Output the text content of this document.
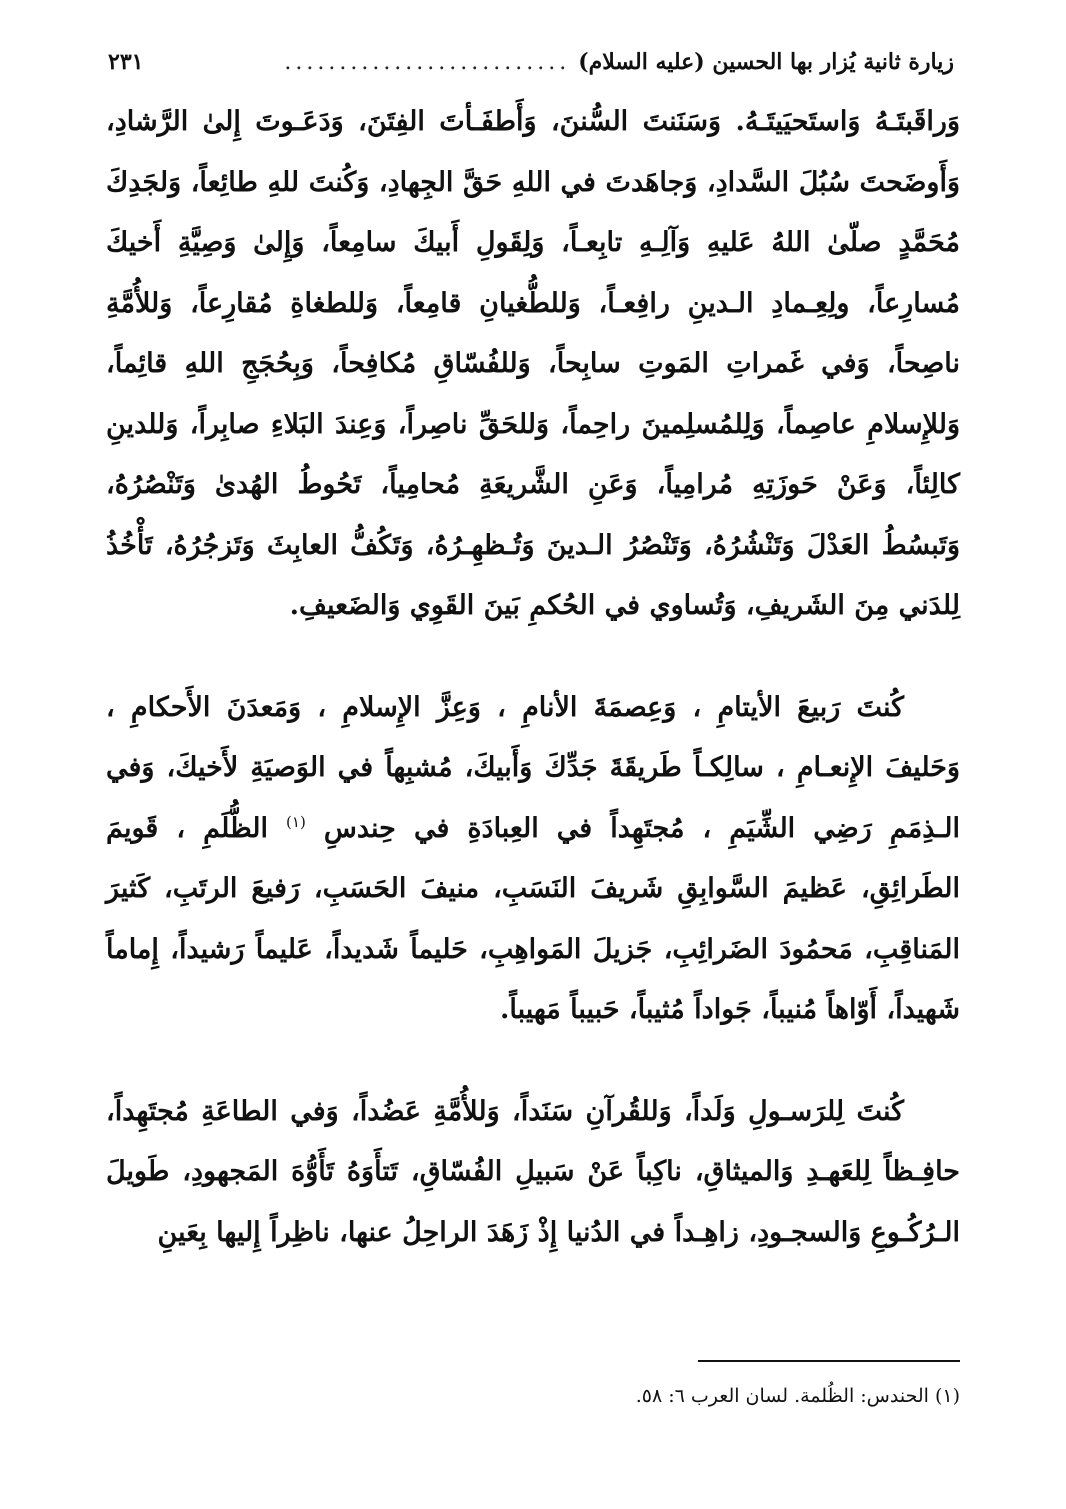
زيارة ثانية يُزار بها الحسين (عليه السلام)
..........................
٢٣١

وَراقَبتَـهُ وَاستَحيَيتَـهُ. وَسَنَنتَ السُّننَ، وَأَطفَـأتَ الفِتَنَ، وَدَعَـوتَ إِلىٰ الرَّشادِ، وَأَوضَحتَ سُبُلَ السَّدادِ، وَجاهَدتَ في اللهِ حَقَّ الجِهادِ، وَكُنتَ للهِ طائِعاً، وَلجَدِكَ مُحَمَّدٍ صلّىٰ اللهُ عَليهِ وَآلِـهِ تابِعـاً، وَلِقَولِ أَبيكَ سامِعاً، وَإِلىٰ وَصِيَّةِ أَخيكَ مُسارِعاً، ولِعِـمادِ الـدينِ رافِعـاً، وَللطُّغيانِ قامِعاً، وَللطغاةِ مُقارِعاً، وَللأُمَّةِ ناصِحاً، وَفي غَمراتِ المَوتِ سابِحاً، وَللفُسّاقِ مُكافِحاً، وَبِحُجَجِ اللهِ قائِماً، وَللإِسلامِ عاصِماً، وَلِلمُسلِمينَ راحِماً، وَللحَقِّ ناصِراً، وَعِندَ البَلاءِ صابِراً، وَللدينِ كالِئاً، وَعَنْ حَوزَتِهِ مُرامِياً، وَعَنِ الشَّريعَةِ مُحامِياً، تَحُوطُ الهُدىٰ وَتَنْصُرُهُ، وَتَبسُطُ العَدْلَ وَتَنْشُرُهُ، وَتَنْصُرُ الـدينَ وَتُـظهِـرُهُ، وَتَكُفُّ العابِثَ وَتَزجُرُهُ، تَأْخُذُ لِلدَني مِنَ الشَريفِ، وَتُساوي في الحُكمِ بَينَ القَوِي وَالضَعيفِ.

كُنتَ رَبيعَ الأيتامِ ، وَعِصمَةَ الأنامِ ، وَعِزَّ الإِسلامِ ، وَمَعدَنَ الأَحكامِ ، وَحَليفَ الإِنعـامِ ، سالِكـاً طَريقَةَ جَدِّكَ وَأَبيكَ، مُشبِهاً في الوَصيَةِ لأَخيكَ، وَفي الـذِمَمِ رَضِي الشِّيَمِ ، مُجتَهِداً في العِبادَةِ في حِندسِ $^{(١)}$ الظُّلَمِ ، قَويمَ الطَرائِقِ، عَظيمَ السَّوابِقِ شَريفَ النَسَبِ، منيفَ الحَسَبِ، رَفيعَ الرتَبِ، كَثيرَ المَناقِبِ، مَحمُودَ الضَرائِبِ، جَزيلَ المَواهِبِ، حَليماً شَديداً، عَليماً رَشيداً، إِماماً شَهيداً، أَوّاهاً مُنيباً، جَواداً مُثيباً، حَبيباً مَهيباً.

كُنتَ لِلرَسـولِ وَلَداً، وَللقُرآنِ سَنَداً، وَللأُمَّةِ عَضُداً، وَفي الطاعَةِ مُجتَهِداً، حافِـظاً لِلعَهـدِ وَالميثاقِ، ناكِباً عَنْ سَبيلِ الفُسّاقِ، تَتأَوَهُ تَأَوُّهَ المَجهودِ، طَويلَ الـرُكُـوعِ وَالسجـودِ، زاهِـداً في الدُنيا إِذْ زَهَدَ الراحِلُ عنها، ناظِراً إِليها بِعَينِ

(١) الحندس: الظُلمة. لسان العرب ٦: ٥٨.
